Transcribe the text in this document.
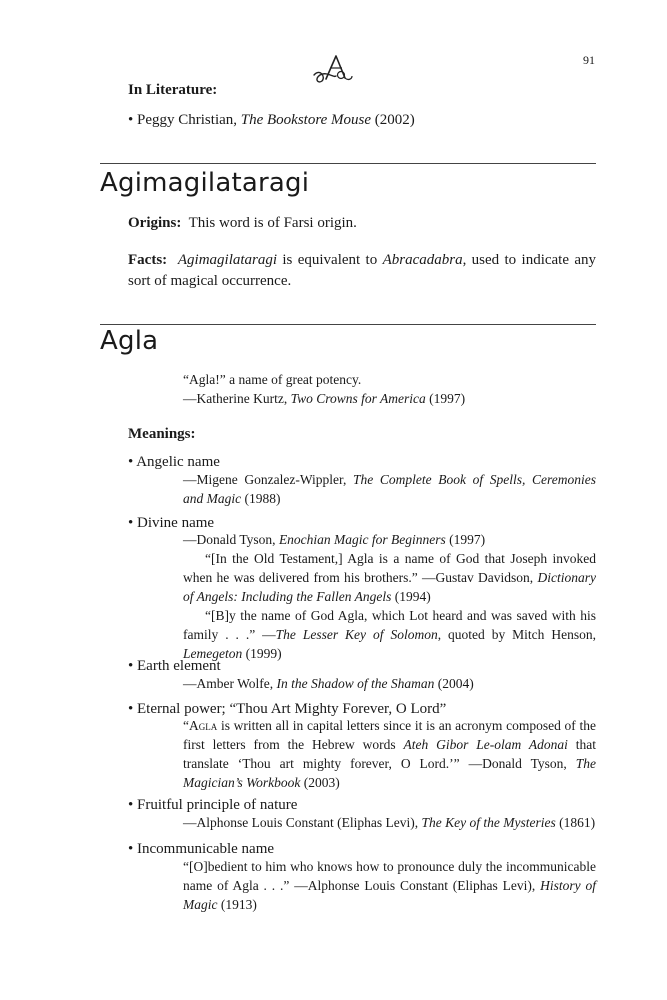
91
In Literature:
• Peggy Christian, The Bookstore Mouse (2002)
Agimagilataragi
Origins: This word is of Farsi origin.
Facts: Agimagilataragi is equivalent to Abracadabra, used to indicate any sort of magical occurrence.
Agla
“Agla!” a name of great potency.
—Katherine Kurtz, Two Crowns for America (1997)
Meanings:
• Angelic name
—Migene Gonzalez-Wippler, The Complete Book of Spells, Ceremonies and Magic (1988)
• Divine name
—Donald Tyson, Enochian Magic for Beginners (1997)
“[In the Old Testament,] Agla is a name of God that Joseph invoked when he was delivered from his brothers.” —Gustav Davidson, Dictionary of Angels: Including the Fallen Angels (1994)
“[B]y the name of God Agla, which Lot heard and was saved with his family . . .” —The Lesser Key of Solomon, quoted by Mitch Henson, Lemegeton (1999)
• Earth element
—Amber Wolfe, In the Shadow of the Shaman (2004)
• Eternal power; “Thou Art Mighty Forever, O Lord”
“Agla is written all in capital letters since it is an acronym composed of the first letters from the Hebrew words Ateh Gibor Le-olam Adonai that translate ‘Thou art mighty forever, O Lord.’” —Donald Tyson, The Magician’s Workbook (2003)
• Fruitful principle of nature
—Alphonse Louis Constant (Eliphas Levi), The Key of the Mysteries (1861)
• Incommunicable name
“[O]bedient to him who knows how to pronounce duly the incommunicable name of Agla . . .” —Alphonse Louis Constant (Eliphas Levi), History of Magic (1913)
